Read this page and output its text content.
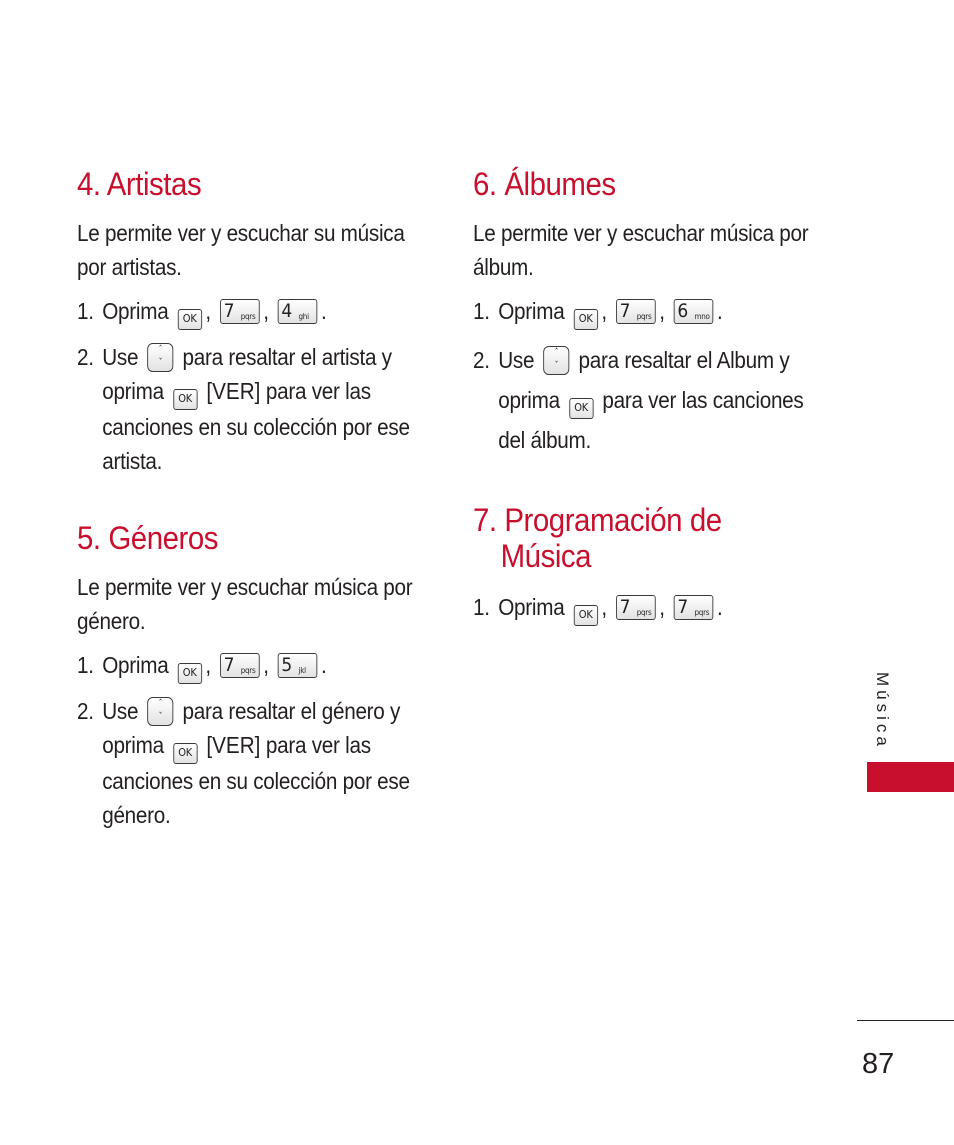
4. Artistas

Le permite ver y escuchar su música por artistas.

1. Oprima OK , 7 pqrs , 4 ghi .
2. Use	ˆ
ˇ para resaltar el artista y oprima OK [VER] para ver las canciones en su colección por ese artista.
5. Géneros

Le permite ver y escuchar música por género.

1. Oprima OK , 7 pqrs , 5 jkl .
2. Use	ˆ
ˇ para resaltar el género y oprima OK [VER] para ver las canciones en su colección por ese género.
6. Álbumes

Le permite ver y escuchar música por álbum.

1. Oprima OK , 7 pqrs , 6 mno .
2. Use	ˆ
ˇ para resaltar el Album y oprima OK para ver las canciones del álbum.
7. Programación de Música
1. Oprima OK , 7 pqrs , 7 pqrs .
Música
87
